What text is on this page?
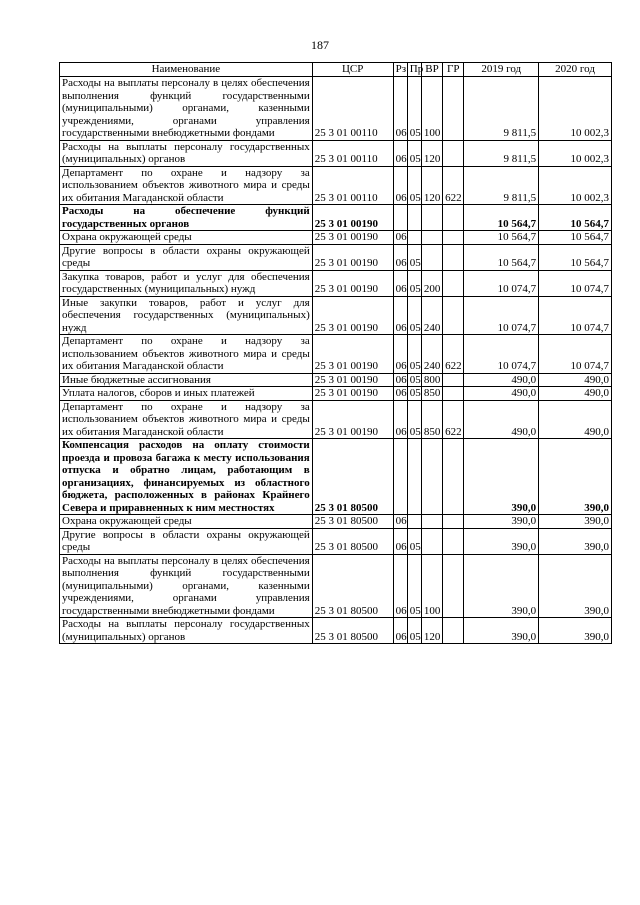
187
Наименование	ЦСР	Рз	Пр	ВР	ГР	2019 год	2020 год
Расходы на выплаты персоналу в целях обеспечения выполнения функций государственными (муниципальными) органами, казенными учреждениями, органами управления государственными внебюджетными фондами	25 3 01 00110	06	05	100		9 811,5	10 002,3
Расходы на выплаты персоналу государственных (муниципальных) органов	25 3 01 00110	06	05	120		9 811,5	10 002,3
Департамент по охране и надзору за использованием объектов животного мира и среды их обитания Магаданской области	25 3 01 00110	06	05	120	622	9 811,5	10 002,3
Расходы на обеспечение функций государственных органов	25 3 01 00190					10 564,7	10 564,7
Охрана окружающей среды	25 3 01 00190	06				10 564,7	10 564,7
Другие вопросы в области охраны окружающей среды	25 3 01 00190	06	05			10 564,7	10 564,7
Закупка товаров, работ и услуг для обеспечения государственных (муниципальных) нужд	25 3 01 00190	06	05	200		10 074,7	10 074,7
Иные закупки товаров, работ и услуг для обеспечения государственных (муниципальных) нужд	25 3 01 00190	06	05	240		10 074,7	10 074,7
Департамент по охране и надзору за использованием объектов животного мира и среды их обитания Магаданской области	25 3 01 00190	06	05	240	622	10 074,7	10 074,7
Иные бюджетные ассигнования	25 3 01 00190	06	05	800		490,0	490,0
Уплата налогов, сборов и иных платежей	25 3 01 00190	06	05	850		490,0	490,0
Департамент по охране и надзору за использованием объектов животного мира и среды их обитания Магаданской области	25 3 01 00190	06	05	850	622	490,0	490,0
Компенсация расходов на оплату стоимости проезда и провоза багажа к месту использования отпуска и обратно лицам, работающим в организациях, финансируемых из областного бюджета, расположенных в районах Крайнего Севера и приравненных к ним местностях	25 3 01 80500					390,0	390,0
Охрана окружающей среды	25 3 01 80500	06				390,0	390,0
Другие вопросы в области охраны окружающей среды	25 3 01 80500	06	05			390,0	390,0
Расходы на выплаты персоналу в целях обеспечения выполнения функций государственными (муниципальными) органами, казенными учреждениями, органами управления государственными внебюджетными фондами	25 3 01 80500	06	05	100		390,0	390,0
Расходы на выплаты персоналу государственных (муниципальных) органов	25 3 01 80500	06	05	120		390,0	390,0
